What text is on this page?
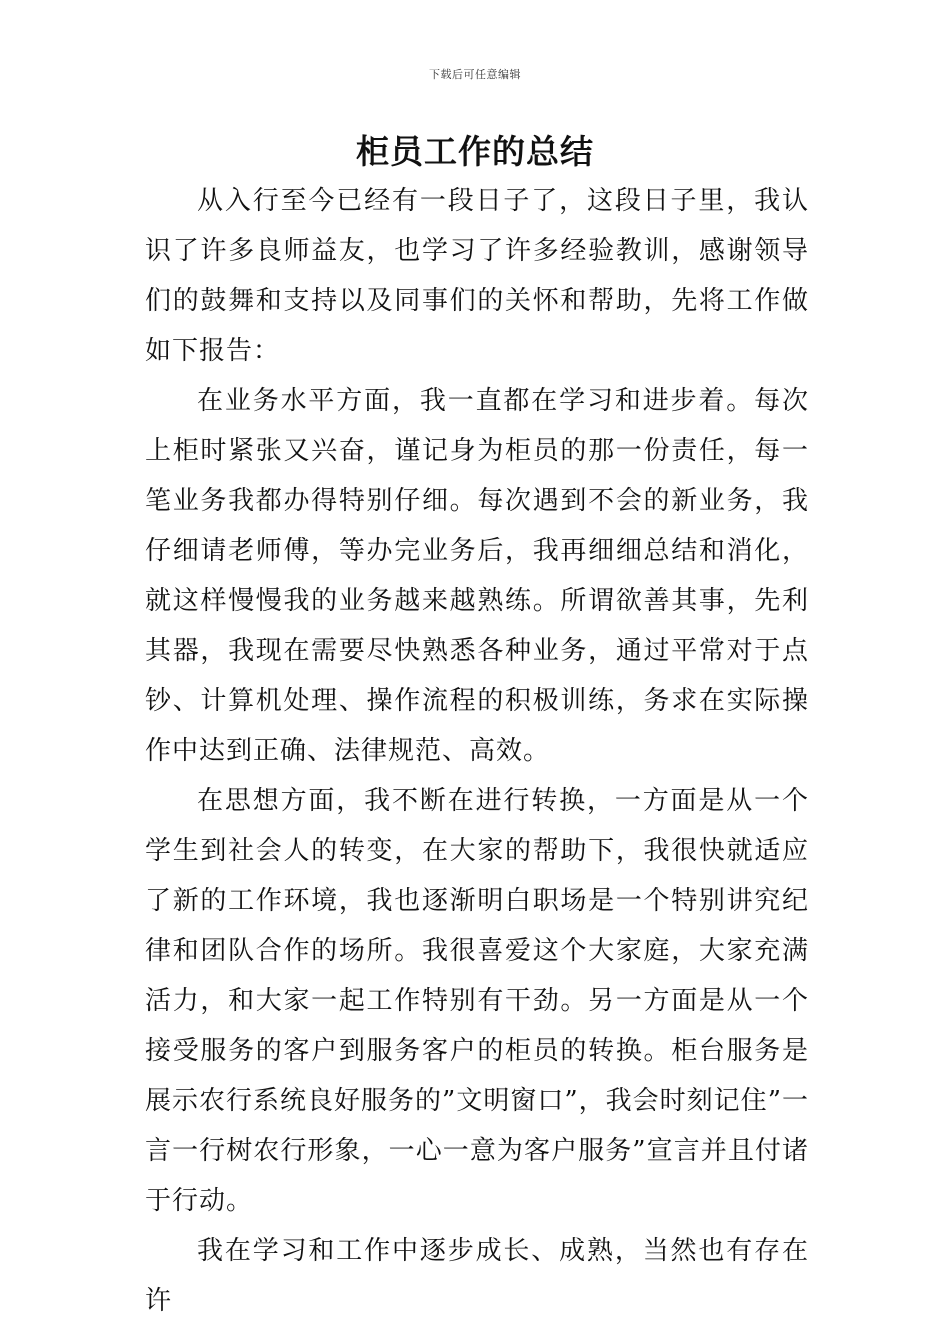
下载后可任意编辑
柜员工作的总结

从入行至今已经有一段日子了，这段日子里，我认识了许多良师益友，也学习了许多经验教训，感谢领导们的鼓舞和支持以及同事们的关怀和帮助，先将工作做如下报告：

在业务水平方面，我一直都在学习和进步着。每次上柜时紧张又兴奋，谨记身为柜员的那一份责任，每一笔业务我都办得特别仔细。每次遇到不会的新业务，我仔细请老师傅，等办完业务后，我再细细总结和消化，就这样慢慢我的业务越来越熟练。所谓欲善其事，先利其器，我现在需要尽快熟悉各种业务，通过平常对于点钞、计算机处理、操作流程的积极训练，务求在实际操作中达到正确、法律规范、高效。

在思想方面，我不断在进行转换，一方面是从一个学生到社会人的转变，在大家的帮助下，我很快就适应了新的工作环境，我也逐渐明白职场是一个特别讲究纪律和团队合作的场所。我很喜爱这个大家庭，大家充满活力，和大家一起工作特别有干劲。另一方面是从一个接受服务的客户到服务客户的柜员的转换。柜台服务是展示农行系统良好服务的”文明窗口”，我会时刻记住”一言一行树农行形象，一心一意为客户服务”宣言并且付诸于行动。

我在学习和工作中逐步成长、成熟，当然也有存在许
